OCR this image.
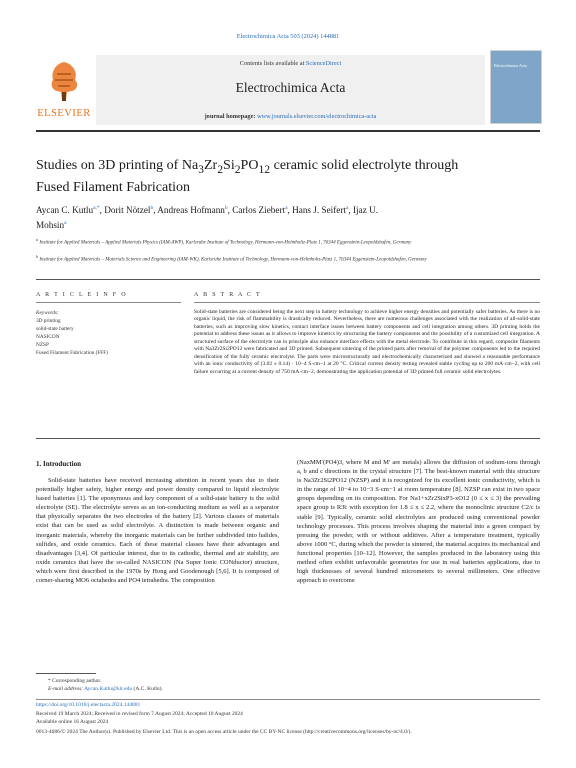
Electrochimica Acta 503 (2024) 144881
ELSEVIER
Contents lists available at ScienceDirect
Electrochimica Acta
journal homepage: www.journals.elsevier.com/electrochimica-acta
Electrochimica Acta
Studies on 3D printing of $Na_3Zr_2Si_2PO_{12}$ ceramic solid electrolyte through
Fused Filament Fabrication
Aycan C. Kutlu$^{a,*}$, Dorit Nötzel$^b$, Andreas Hofmann$^b$, Carlos Ziebert$^a$, Hans J. Seifert$^a$, Ijaz U.
Mohsin$^a$
$^a$ Institute for Applied Materials – Applied Materials Physics (IAM-AWP), Karlsruhe Institute of Technology, Hermann-von-Helmholtz-Platz 1, 76344 Eggenstein-Leopoldshafen, Germany
$^b$ Institute for Applied Materials – Materials Science and Engineering (IAM-WK), Karlsruhe Institute of Technology, Hermann-von-Helmholtz-Platz 1, 76344 Eggenstein-Leopoldshafen, Germany
A R T I C L E I N F O	A B S T R A C T
Keywords:
3D printing
solid-state battery
NASICON
NZSP
Fused Filament Fabrication (FFF)
Solid-state batteries are considered being the next step in battery technology to achieve higher energy densities and potentially safer batteries. As there is no organic liquid, the risk of flammability is drastically reduced. Nevertheless, there are numerous challenges associated with the realization of all-solid-state batteries, such as improving slow kinetics, contact interface issues between battery components and cell integration among others. 3D printing holds the potential to address these issues as it allows to improve kinetics by structuring the battery components and the possibility of a customized cell integration. A structured surface of the electrolyte can in principle also enhance interface effects with the metal electrode. To contribute in this regard, composite filaments with Na3Zr2Si2PO12 were fabricated and 3D printed. Subsequent sintering of the printed parts after removal of the polymer components led to the required densification of the fully ceramic electrolyte. The parts were microstructurally and electrochemically characterized and showed a reasonable performance with an ionic conductivity of (3.02 ± 0.14) · 10−4 S·cm−1 at 20 °C. Critical current density testing revealed stable cycling up to 200 mA·cm−2, with cell failure occurring at a current density of 750 mA·cm−2, demonstrating the application potential of 3D printed full ceramic solid electrolytes.
1. Introduction

Solid-state batteries have received increasing attention in recent years due to their potentially higher safety, higher energy and power density compared to liquid electrolyte based batteries [1]. The eponymous and key component of a solid-state battery is the solid electrolyte (SE). The electrolyte serves as an ion-conducting medium as well as a separator that physically separates the two electrodes of the battery [2]. Various classes of materials exist that can be used as solid electrolyte. A distinction is made between organic and inorganic materials, whereby the inorganic materials can be further subdivided into halides, sulfides, and oxide ceramics. Each of these material classes have their advantages and disadvantages [3,4]. Of particular interest, due to its cathodic, thermal and air stability, are oxide ceramics that have the so-called NASICON (Na Super Ionic CONductor) structure, which were first described in the 1970s by Hong and Goodenough [5,6]. It is composed of corner-sharing MO6 octahedra and PO4 tetrahedra. The composition

(NaxMM′(PO4)3, where M and M′ are metals) allows the diffusion of sodium-ions through a, b and c directions in the crystal structure [7]. The best-known material with this structure is Na3Zr2Si2PO12 (NZSP) and it is recognized for its excellent ionic conductivity, which is in the range of 10−4 to 10−3 S·cm−1 at room temperature [8]. NZSP can exist in two space groups depending on its composition. For Na1+xZr2SixP3-xO12 (0 ≤ x ≤ 3) the prevailing space group is R3̄c with exception for 1.8 ≤ x ≤ 2.2, where the monoclinic structure C2/c is stable [9]. Typically, ceramic solid electrolytes are produced using conventional powder technology processes. This process involves shaping the material into a green compact by pressing the powder, with or without additives. After a temperature treatment, typically above 1000 °C, during which the powder is sintered, the material acquires its mechanical and functional properties [10–12]. However, the samples produced in the laboratory using this method often exhibit unfavorable geometries for use in real batteries applications, due to high thicknesses of several hundred micrometers to several millimeters. One effective approach to overcome

* Corresponding author.
E-mail address: Aycan.Kutlu@kit.edu (A.C. Kutlu).
https://doi.org/10.1016/j.electacta.2024.144881
Received 19 March 2024; Received in revised form 7 August 2024; Accepted 10 August 2024
Available online 16 August 2024
0013-4686/© 2024 The Author(s). Published by Elsevier Ltd. This is an open access article under the CC BY-NC license (http://creativecommons.org/licenses/by-nc/4.0/).
